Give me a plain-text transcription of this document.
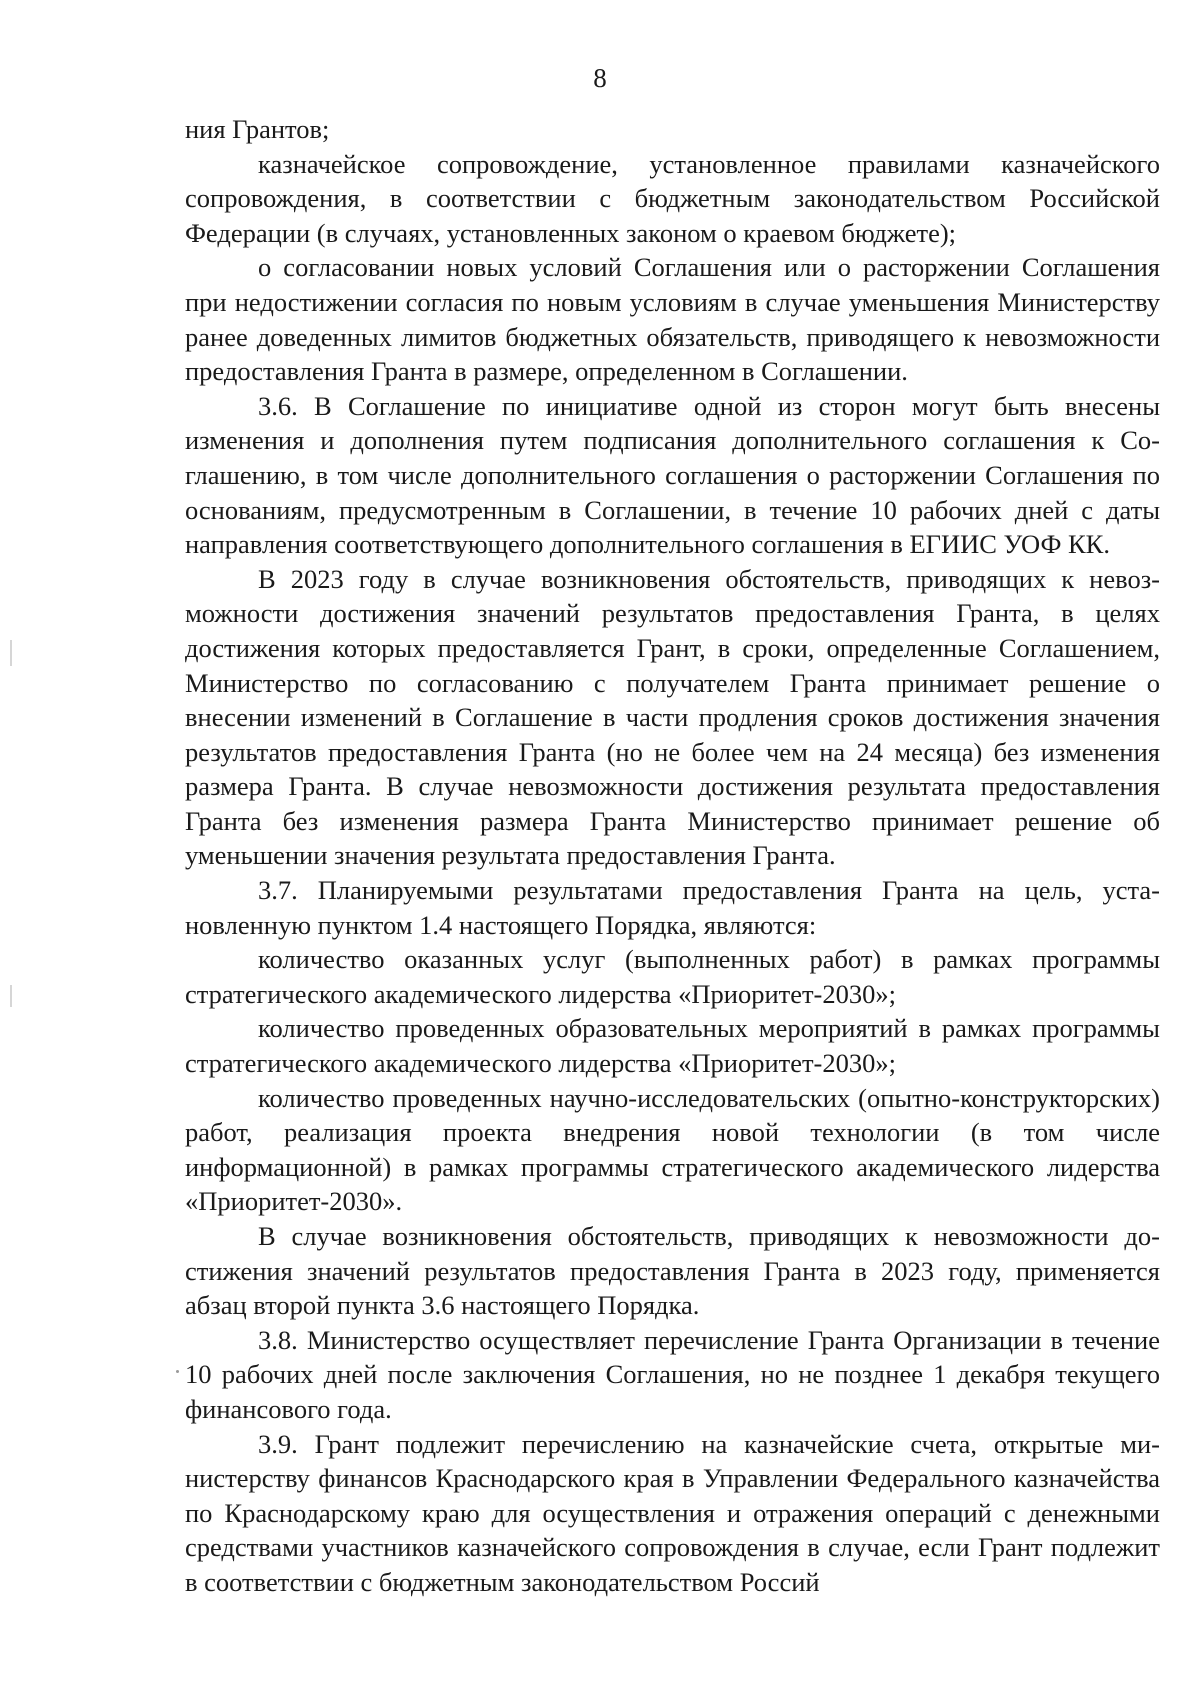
8

ния Грантов;

казначейское сопровождение, установленное правилами казначейского сопровождения, в соответствии с бюджетным законодательством Российской Федерации (в случаях, установленных законом о краевом бюджете);

о согласовании новых условий Соглашения или о расторжении Соглашения при недостижении согласия по новым условиям в случае уменьшения Министерству ранее доведенных лимитов бюджетных обязательств, приводящего к невозможности предоставления Гранта в размере, определенном в Соглашении.

3.6. В Соглашение по инициативе одной из сторон могут быть внесены изменения и дополнения путем подписания дополнительного соглашения к Соглашению, в том числе дополнительного соглашения о расторжении Соглашения по основаниям, предусмотренным в Соглашении, в течение 10 рабочих дней с даты направления соответствующего дополнительного соглашения в ЕГИИС УОФ КК.

В 2023 году в случае возникновения обстоятельств, приводящих к невозможности достижения значений результатов предоставления Гранта, в целях достижения которых предоставляется Грант, в сроки, определенные Соглашением, Министерство по согласованию с получателем Гранта принимает решение о внесении изменений в Соглашение в части продления сроков достижения значения результатов предоставления Гранта (но не более чем на 24 месяца) без изменения размера Гранта. В случае невозможности достижения результата предоставления Гранта без изменения размера Гранта Министерство принимает решение об уменьшении значения результата предоставления Гранта.

3.7. Планируемыми результатами предоставления Гранта на цель, установленную пунктом 1.4 настоящего Порядка, являются:

количество оказанных услуг (выполненных работ) в рамках программы стратегического академического лидерства «Приоритет-2030»;

количество проведенных образовательных мероприятий в рамках программы стратегического академического лидерства «Приоритет-2030»;

количество проведенных научно-исследовательских (опытно-конструкторских) работ, реализация проекта внедрения новой технологии (в том числе информационной) в рамках программы стратегического академического лидерства «Приоритет-2030».

В случае возникновения обстоятельств, приводящих к невозможности достижения значений результатов предоставления Гранта в 2023 году, применяется абзац второй пункта 3.6 настоящего Порядка.

3.8. Министерство осуществляет перечисление Гранта Организации в течение 10 рабочих дней после заключения Соглашения, но не позднее 1 декабря текущего финансового года.

3.9. Грант подлежит перечислению на казначейские счета, открытые министерству финансов Краснодарского края в Управлении Федерального казначейства по Краснодарскому краю для осуществления и отражения операций с денежными средствами участников казначейского сопровождения в случае, если Грант подлежит в соответствии с бюджетным законодательством Россий
